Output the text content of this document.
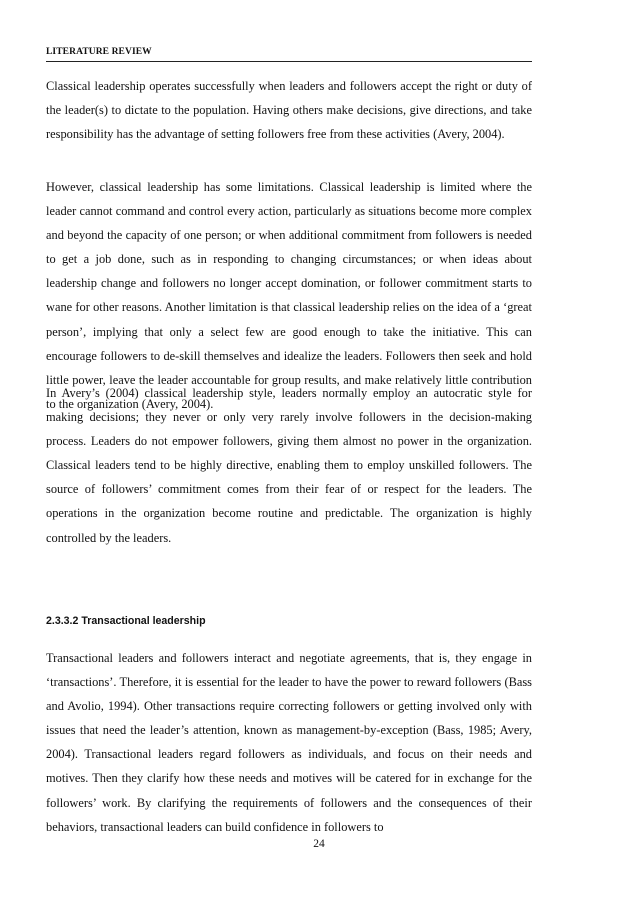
LITERATURE REVIEW

Classical leadership operates successfully when leaders and followers accept the right or duty of the leader(s) to dictate to the population. Having others make decisions, give directions, and take responsibility has the advantage of setting followers free from these activities (Avery, 2004).

However, classical leadership has some limitations. Classical leadership is limited where the leader cannot command and control every action, particularly as situations become more complex and beyond the capacity of one person; or when additional commitment from followers is needed to get a job done, such as in responding to changing circumstances; or when ideas about leadership change and followers no longer accept domination, or follower commitment starts to wane for other reasons. Another limitation is that classical leadership relies on the idea of a ‘great person’, implying that only a select few are good enough to take the initiative. This can encourage followers to de-skill themselves and idealize the leaders. Followers then seek and hold little power, leave the leader accountable for group results, and make relatively little contribution to the organization (Avery, 2004).

In Avery’s (2004) classical leadership style, leaders normally employ an autocratic style for making decisions; they never or only very rarely involve followers in the decision-making process. Leaders do not empower followers, giving them almost no power in the organization. Classical leaders tend to be highly directive, enabling them to employ unskilled followers. The source of followers’ commitment comes from their fear of or respect for the leaders. The operations in the organization become routine and predictable. The organization is highly controlled by the leaders.

2.3.3.2 Transactional leadership

Transactional leaders and followers interact and negotiate agreements, that is, they engage in ‘transactions’. Therefore, it is essential for the leader to have the power to reward followers (Bass and Avolio, 1994). Other transactions require correcting followers or getting involved only with issues that need the leader’s attention, known as management-by-exception (Bass, 1985; Avery, 2004). Transactional leaders regard followers as individuals, and focus on their needs and motives. Then they clarify how these needs and motives will be catered for in exchange for the followers’ work. By clarifying the requirements of followers and the consequences of their behaviors, transactional leaders can build confidence in followers to

24
